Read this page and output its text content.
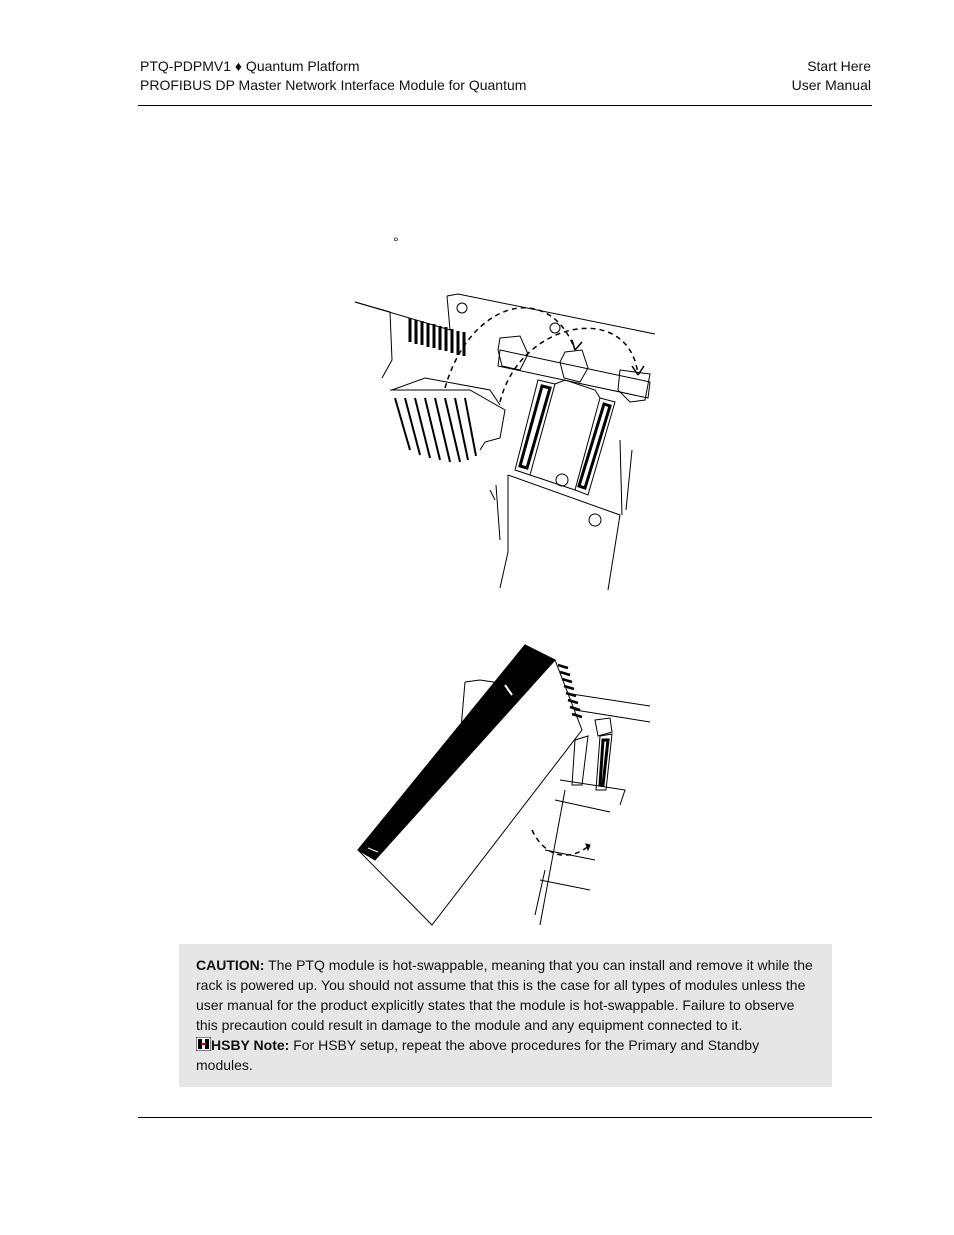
PTQ-PDPMV1 ♦ Quantum Platform
PROFIBUS DP Master Network Interface Module for Quantum
Start Here
User Manual
°

CAUTION: The PTQ module is hot-swappable, meaning that you can install and remove it while the rack is powered up. You should not assume that this is the case for all types of modules unless the user manual for the product explicitly states that the module is hot-swappable. Failure to observe this precaution could result in damage to the module and any equipment connected to it.

HSBY Note: For HSBY setup, repeat the above procedures for the Primary and Standby modules.
